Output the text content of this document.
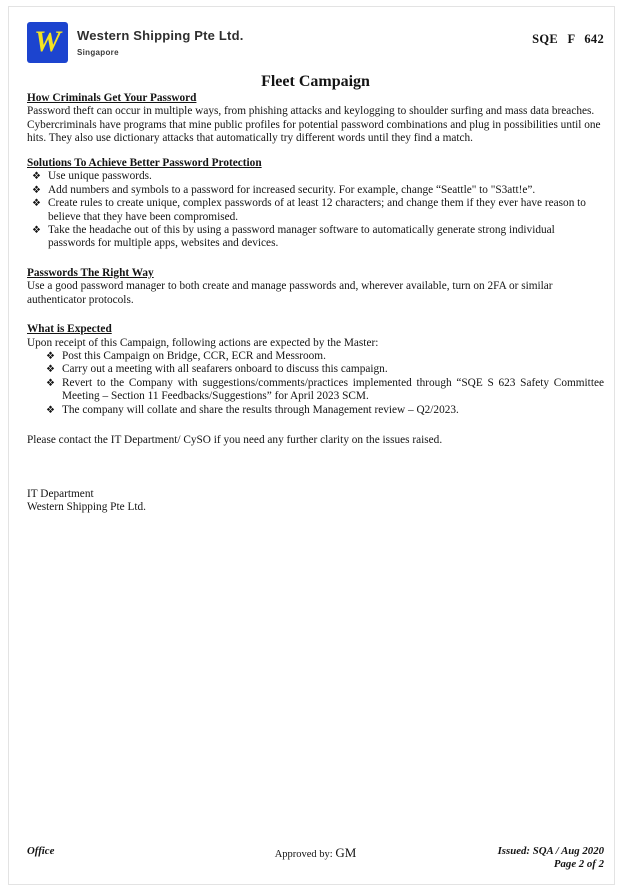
W Western Shipping Pte Ltd.
Singapore
SQE F 642
Fleet Campaign
How Criminals Get Your Password

Password theft can occur in multiple ways, from phishing attacks and keylogging to shoulder surfing and mass data breaches. Cybercriminals have programs that mine public profiles for potential password combinations and plug in possibilities until one hits. They also use dictionary attacks that automatically try different words until they find a match.

Solutions To Achieve Better Password Protection
❖ Use unique passwords.
❖ Add numbers and symbols to a password for increased security. For example, change “Seattle" to "S3att!e”.
❖ Create rules to create unique, complex passwords of at least 12 characters; and change them if they ever have reason to believe that they have been compromised.
❖ Take the headache out of this by using a password manager software to automatically generate strong individual passwords for multiple apps, websites and devices.
Passwords The Right Way

Use a good password manager to both create and manage passwords and, wherever available, turn on 2FA or similar authenticator protocols.

What is Expected

Upon receipt of this Campaign, following actions are expected by the Master:

❖ Post this Campaign on Bridge, CCR, ECR and Messroom.
❖ Carry out a meeting with all seafarers onboard to discuss this campaign.
❖ Revert to the Company with suggestions/comments/practices implemented through “SQE S 623 Safety Committee Meeting – Section 11 Feedbacks/Suggestions” for April 2023 SCM.
❖ The company will collate and share the results through Management review – Q2/2023.

Please contact the IT Department/ CySO if you need any further clarity on the issues raised.

IT Department
Western Shipping Pte Ltd.
Office	Approved by: GM	Issued: SQA / Aug 2020
Page 2 of 2
